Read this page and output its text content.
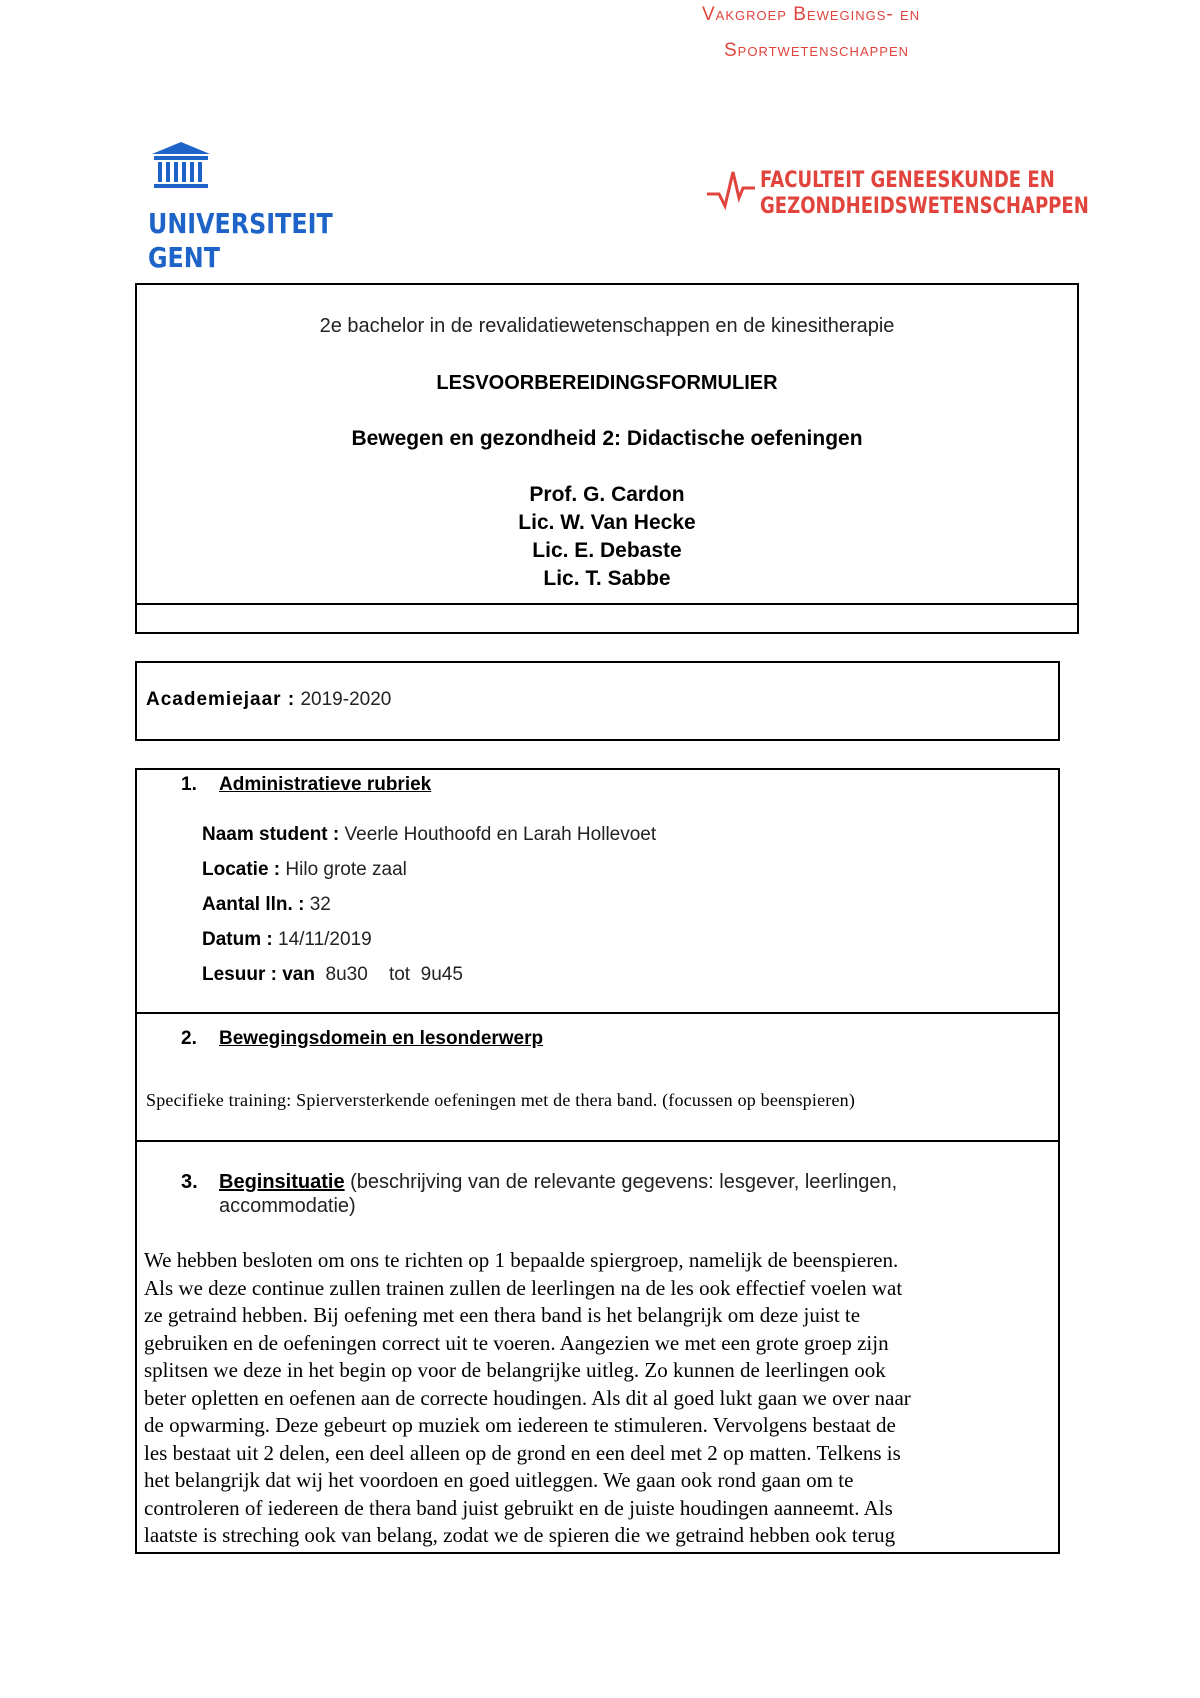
Vakgroep Bewegings- en
Sportwetenschappen
UNIVERSITEIT
GENT
FACULTEIT GENEESKUNDE EN
GEZONDHEIDSWETENSCHAPPEN
2e bachelor in de revalidatiewetenschappen en de kinesitherapie
LESVOORBEREIDINGSFORMULIER
Bewegen en gezondheid 2: Didactische oefeningen
Prof. G. Cardon
Lic. W. Van Hecke
Lic. E. Debaste
Lic. T. Sabbe
Academiejaar : 2019-2020
1. Administratieve rubriek
Naam student : Veerle Houthoofd en Larah Hollevoet
Locatie : Hilo grote zaal
Aantal lln. : 32
Datum : 14/11/2019
Lesuur : van 8u30 tot 9u45
2. Bewegingsdomein en lesonderwerp
Specifieke training: Spierversterkende oefeningen met de thera band. (focussen op beenspieren)
3. Beginsituatie (beschrijving van de relevante gegevens: lesgever, leerlingen,
accommodatie)
We hebben besloten om ons te richten op 1 bepaalde spiergroep, namelijk de beenspieren.
Als we deze continue zullen trainen zullen de leerlingen na de les ook effectief voelen wat
ze getraind hebben. Bij oefening met een thera band is het belangrijk om deze juist te
gebruiken en de oefeningen correct uit te voeren. Aangezien we met een grote groep zijn
splitsen we deze in het begin op voor de belangrijke uitleg. Zo kunnen de leerlingen ook
beter opletten en oefenen aan de correcte houdingen. Als dit al goed lukt gaan we over naar
de opwarming. Deze gebeurt op muziek om iedereen te stimuleren. Vervolgens bestaat de
les bestaat uit 2 delen, een deel alleen op de grond en een deel met 2 op matten. Telkens is
het belangrijk dat wij het voordoen en goed uitleggen. We gaan ook rond gaan om te
controleren of iedereen de thera band juist gebruikt en de juiste houdingen aanneemt. Als
laatste is streching ook van belang, zodat we de spieren die we getraind hebben ook terug
